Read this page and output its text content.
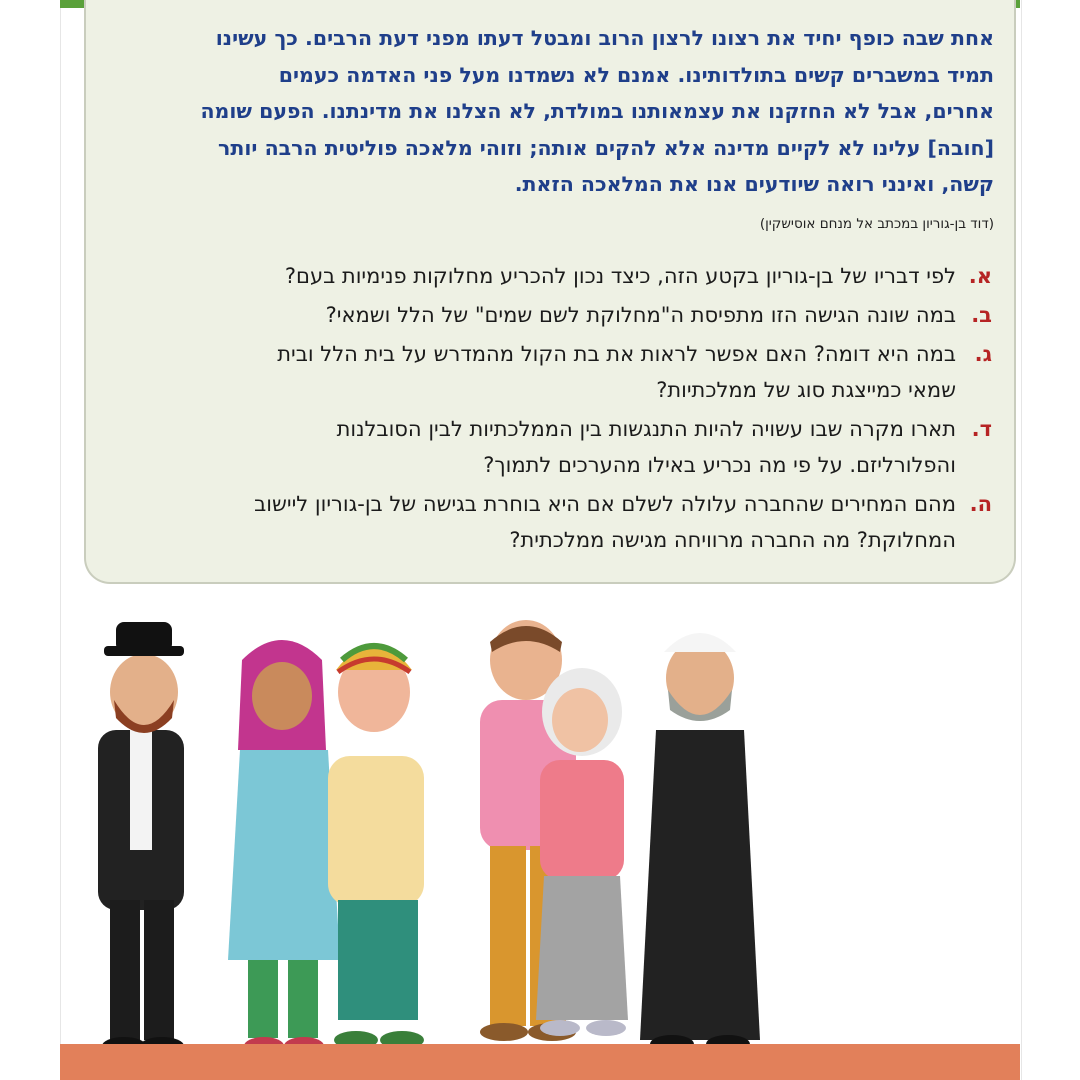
אחת שבה כופף יחיד את רצונו לרצון הרוב ומבטל דעתו מפני דעת הרבים. כך עשינו

תמיד במשברים קשים בתולדותינו. אמנם לא נשמדנו מעל פני האדמה כעמים

אחרים, אבל לא החזקנו את עצמאותנו במולדת, לא הצלנו את מדינתנו. הפעם שומה

[חובה] עלינו לא לקיים מדינה אלא להקים אותה; וזוהי מלאכה פוליטית הרבה יותר

קשה, ואינני רואה שיודעים אנו את המלאכה הזאת.

(דוד בן-גוריון במכתב אל מנחם אוסישקין)
א.
לפי דבריו של בן-גוריון בקטע הזה, כיצד נכון להכריע מחלוקות פנימיות בעם?
ב.
במה שונה הגישה הזו מתפיסת ה"מחלוקת לשם שמים" של הלל ושמאי?
ג.
במה היא דומה? האם אפשר לראות את בת הקול מהמדרש על בית הלל ובית
שמאי כמייצגת סוג של ממלכתיות?
ד.
תארו מקרה שבו עשויה להיות התנגשות בין הממלכתיות לבין הסובלנות
והפלורליזם. על פי מה נכריע באילו מהערכים לתמוך?
ה.
מהם המחירים שהחברה עלולה לשלם אם היא בוחרת בגישה של בן-גוריון ליישוב
המחלוקת? מה החברה מרוויחה מגישה ממלכתית?
